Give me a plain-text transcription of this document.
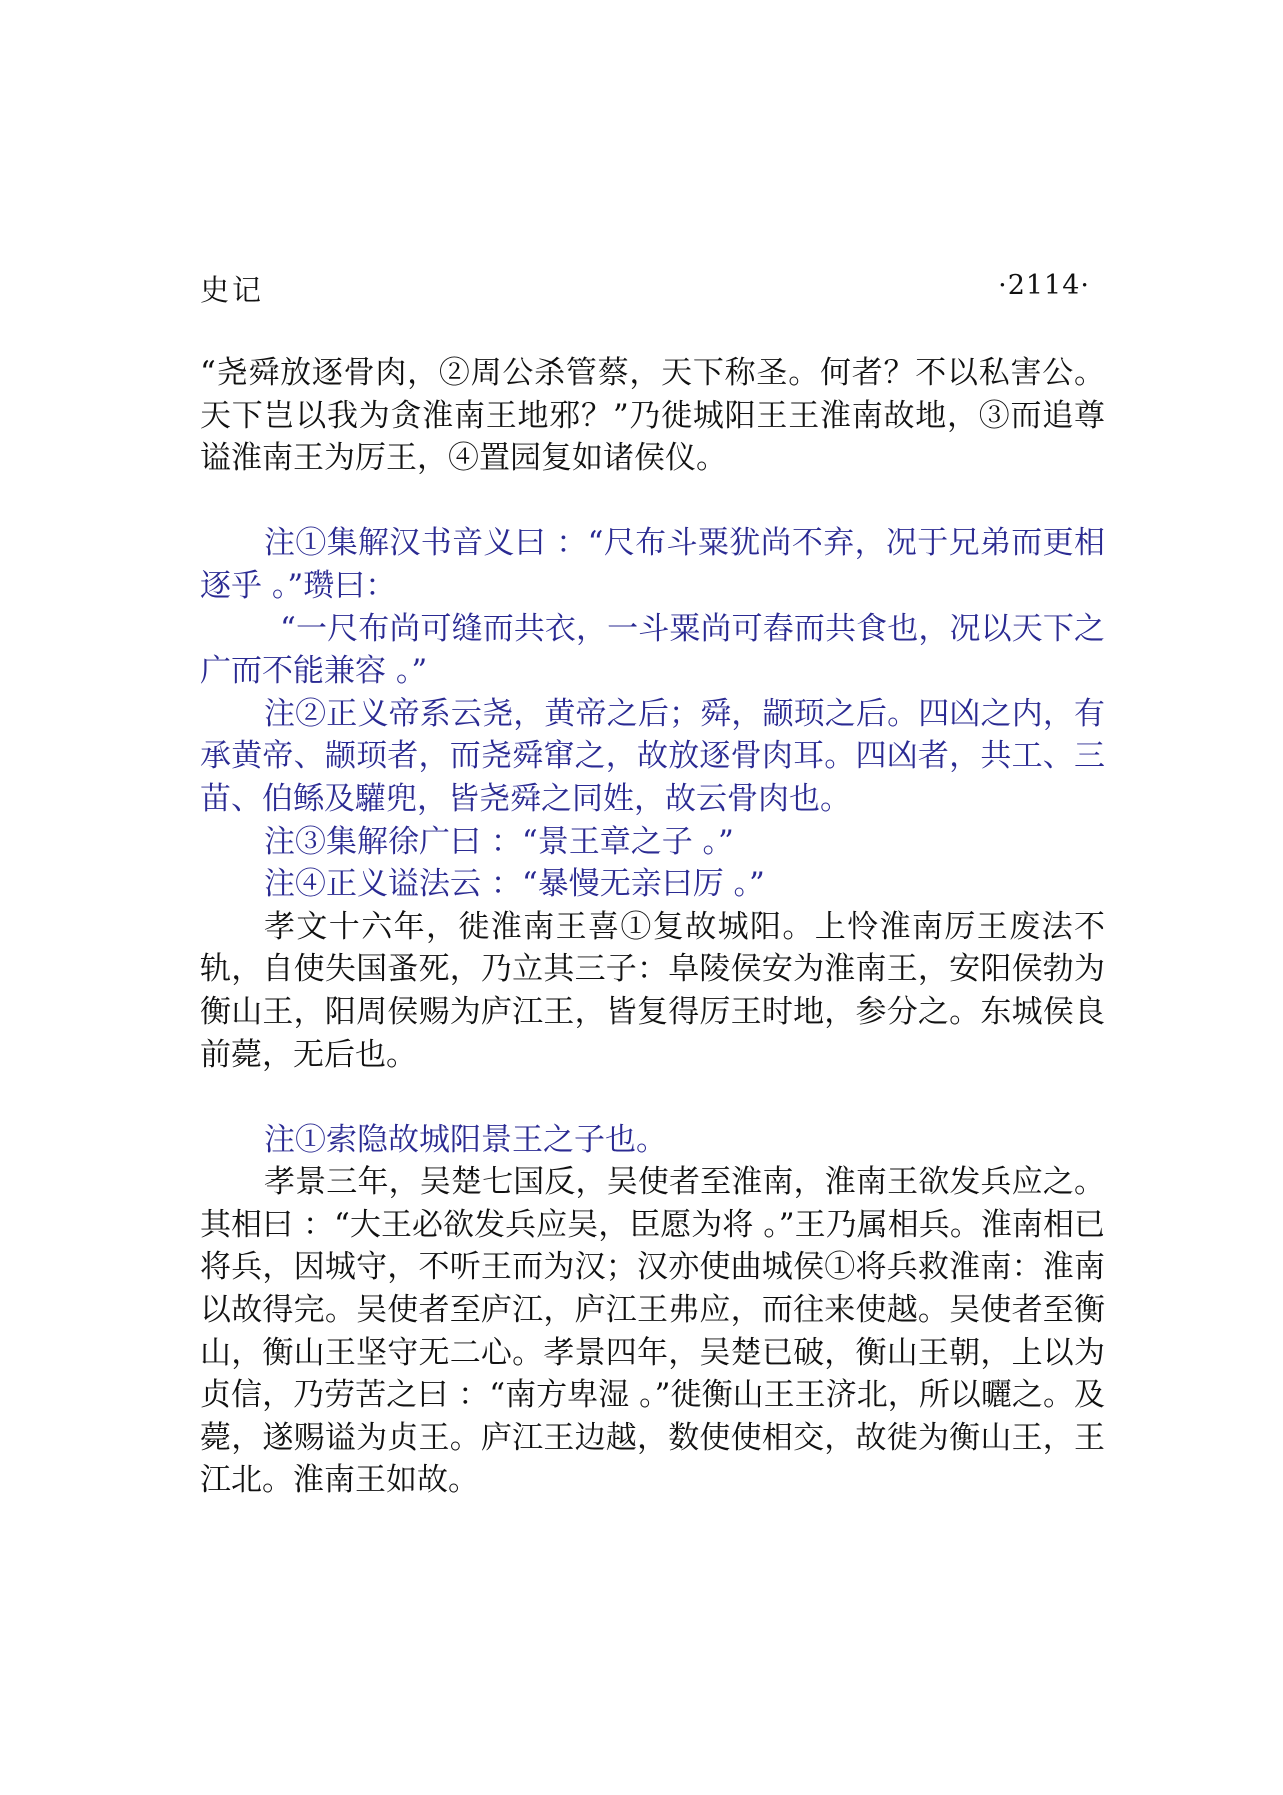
史记	·2114·

“尧舜放逐骨肉，②周公杀管蔡，天下称圣。何者？不以私害公。天下岂以我为贪淮南王地邪？”乃徙城阳王王淮南故地，③而追尊谥淮南王为厉王，④置园复如诸侯仪。

注①集解汉书音义曰 ：“尺布斗粟犹尚不弃，况于兄弟而更相逐乎 。”瓒曰：

“一尺布尚可缝而共衣，一斗粟尚可舂而共食也，况以天下之广而不能兼容 。”

注②正义帝系云尧，黄帝之后；舜，颛顼之后。四凶之内，有承黄帝、颛顼者，而尧舜窜之，故放逐骨肉耳。四凶者，共工、三苗、伯鲧及驩兜，皆尧舜之同姓，故云骨肉也。

注③集解徐广曰 ：“景王章之子 。”

注④正义谥法云 ：“暴慢无亲曰厉 。”

孝文十六年，徙淮南王喜①复故城阳。上怜淮南厉王废法不轨，自使失国蚤死，乃立其三子：阜陵侯安为淮南王，安阳侯勃为衡山王，阳周侯赐为庐江王，皆复得厉王时地，参分之。东城侯良前薨，无后也。

注①索隐故城阳景王之子也。

孝景三年，吴楚七国反，吴使者至淮南，淮南王欲发兵应之。其相曰 ：“大王必欲发兵应吴，臣愿为将 。”王乃属相兵。淮南相已将兵，因城守，不听王而为汉；汉亦使曲城侯①将兵救淮南：淮南以故得完。吴使者至庐江，庐江王弗应，而往来使越。吴使者至衡山，衡山王坚守无二心。孝景四年，吴楚已破，衡山王朝，上以为贞信，乃劳苦之曰 ：“南方卑湿 。”徙衡山王王济北，所以曬之。及薨，遂赐谥为贞王。庐江王边越，数使使相交，故徙为衡山王，王江北。淮南王如故。
